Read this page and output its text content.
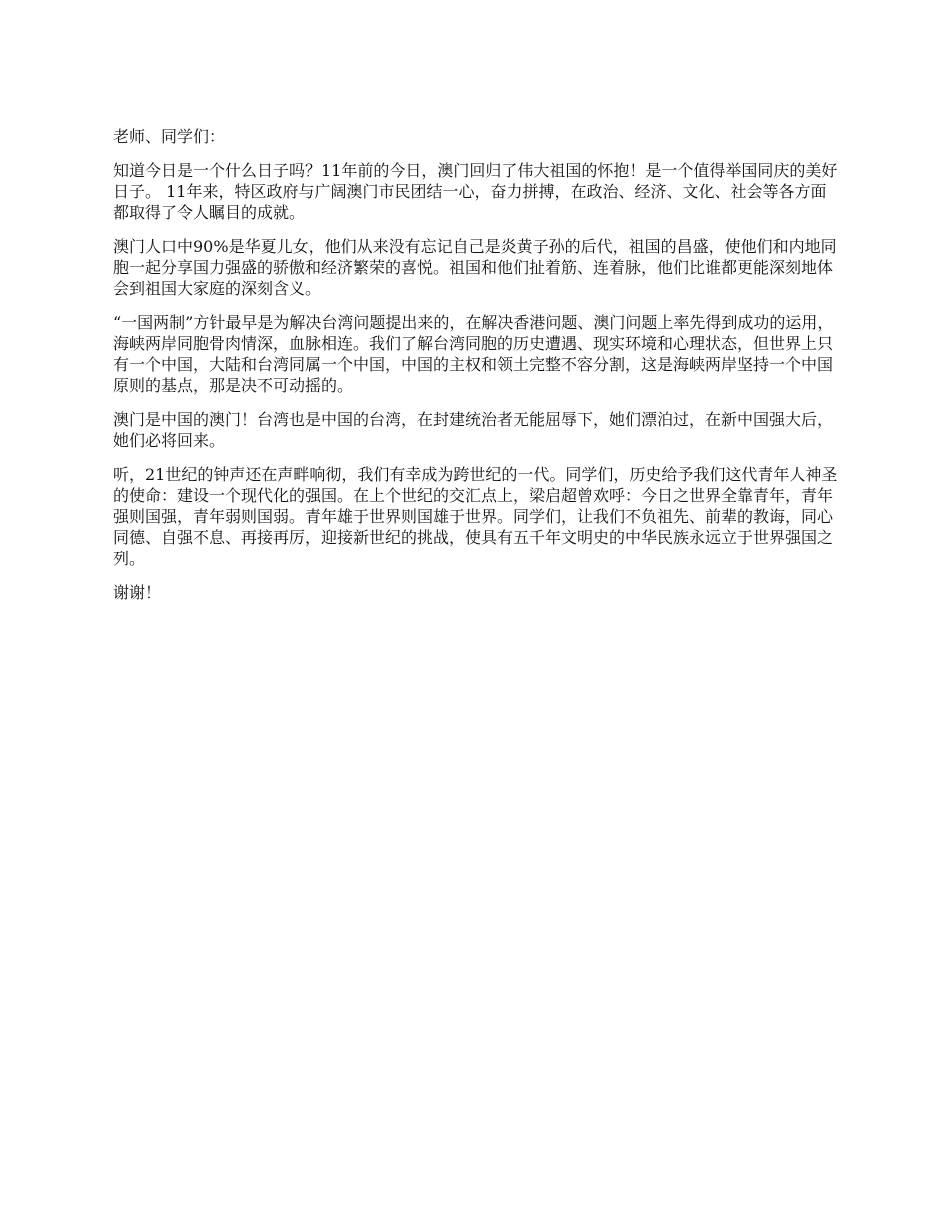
老师、同学们：

知道今日是一个什么日子吗？11年前的今日，澳门回归了伟大祖国的怀抱！是一个值得举国同庆的美好日子。 11年来，特区政府与广阔澳门市民团结一心，奋力拼搏，在政治、经济、文化、社会等各方面都取得了令人瞩目的成就。

澳门人口中90%是华夏儿女，他们从来没有忘记自己是炎黄子孙的后代，祖国的昌盛，使他们和内地同胞一起分享国力强盛的骄傲和经济繁荣的喜悦。祖国和他们扯着筋、连着脉，他们比谁都更能深刻地体会到祖国大家庭的深刻含义。

“一国两制”方针最早是为解决台湾问题提出来的，在解决香港问题、澳门问题上率先得到成功的运用，海峡两岸同胞骨肉情深，血脉相连。我们了解台湾同胞的历史遭遇、现实环境和心理状态，但世界上只有一个中国，大陆和台湾同属一个中国，中国的主权和领土完整不容分割，这是海峡两岸坚持一个中国原则的基点，那是决不可动摇的。

澳门是中国的澳门！台湾也是中国的台湾，在封建统治者无能屈辱下，她们漂泊过，在新中国强大后，她们必将回来。

听，21世纪的钟声还在声畔响彻，我们有幸成为跨世纪的一代。同学们，历史给予我们这代青年人神圣的使命：建设一个现代化的强国。在上个世纪的交汇点上，梁启超曾欢呼：今日之世界全靠青年，青年强则国强，青年弱则国弱。青年雄于世界则国雄于世界。同学们，让我们不负祖先、前辈的教诲，同心同德、自强不息、再接再厉，迎接新世纪的挑战，使具有五千年文明史的中华民族永远立于世界强国之列。

谢谢！
